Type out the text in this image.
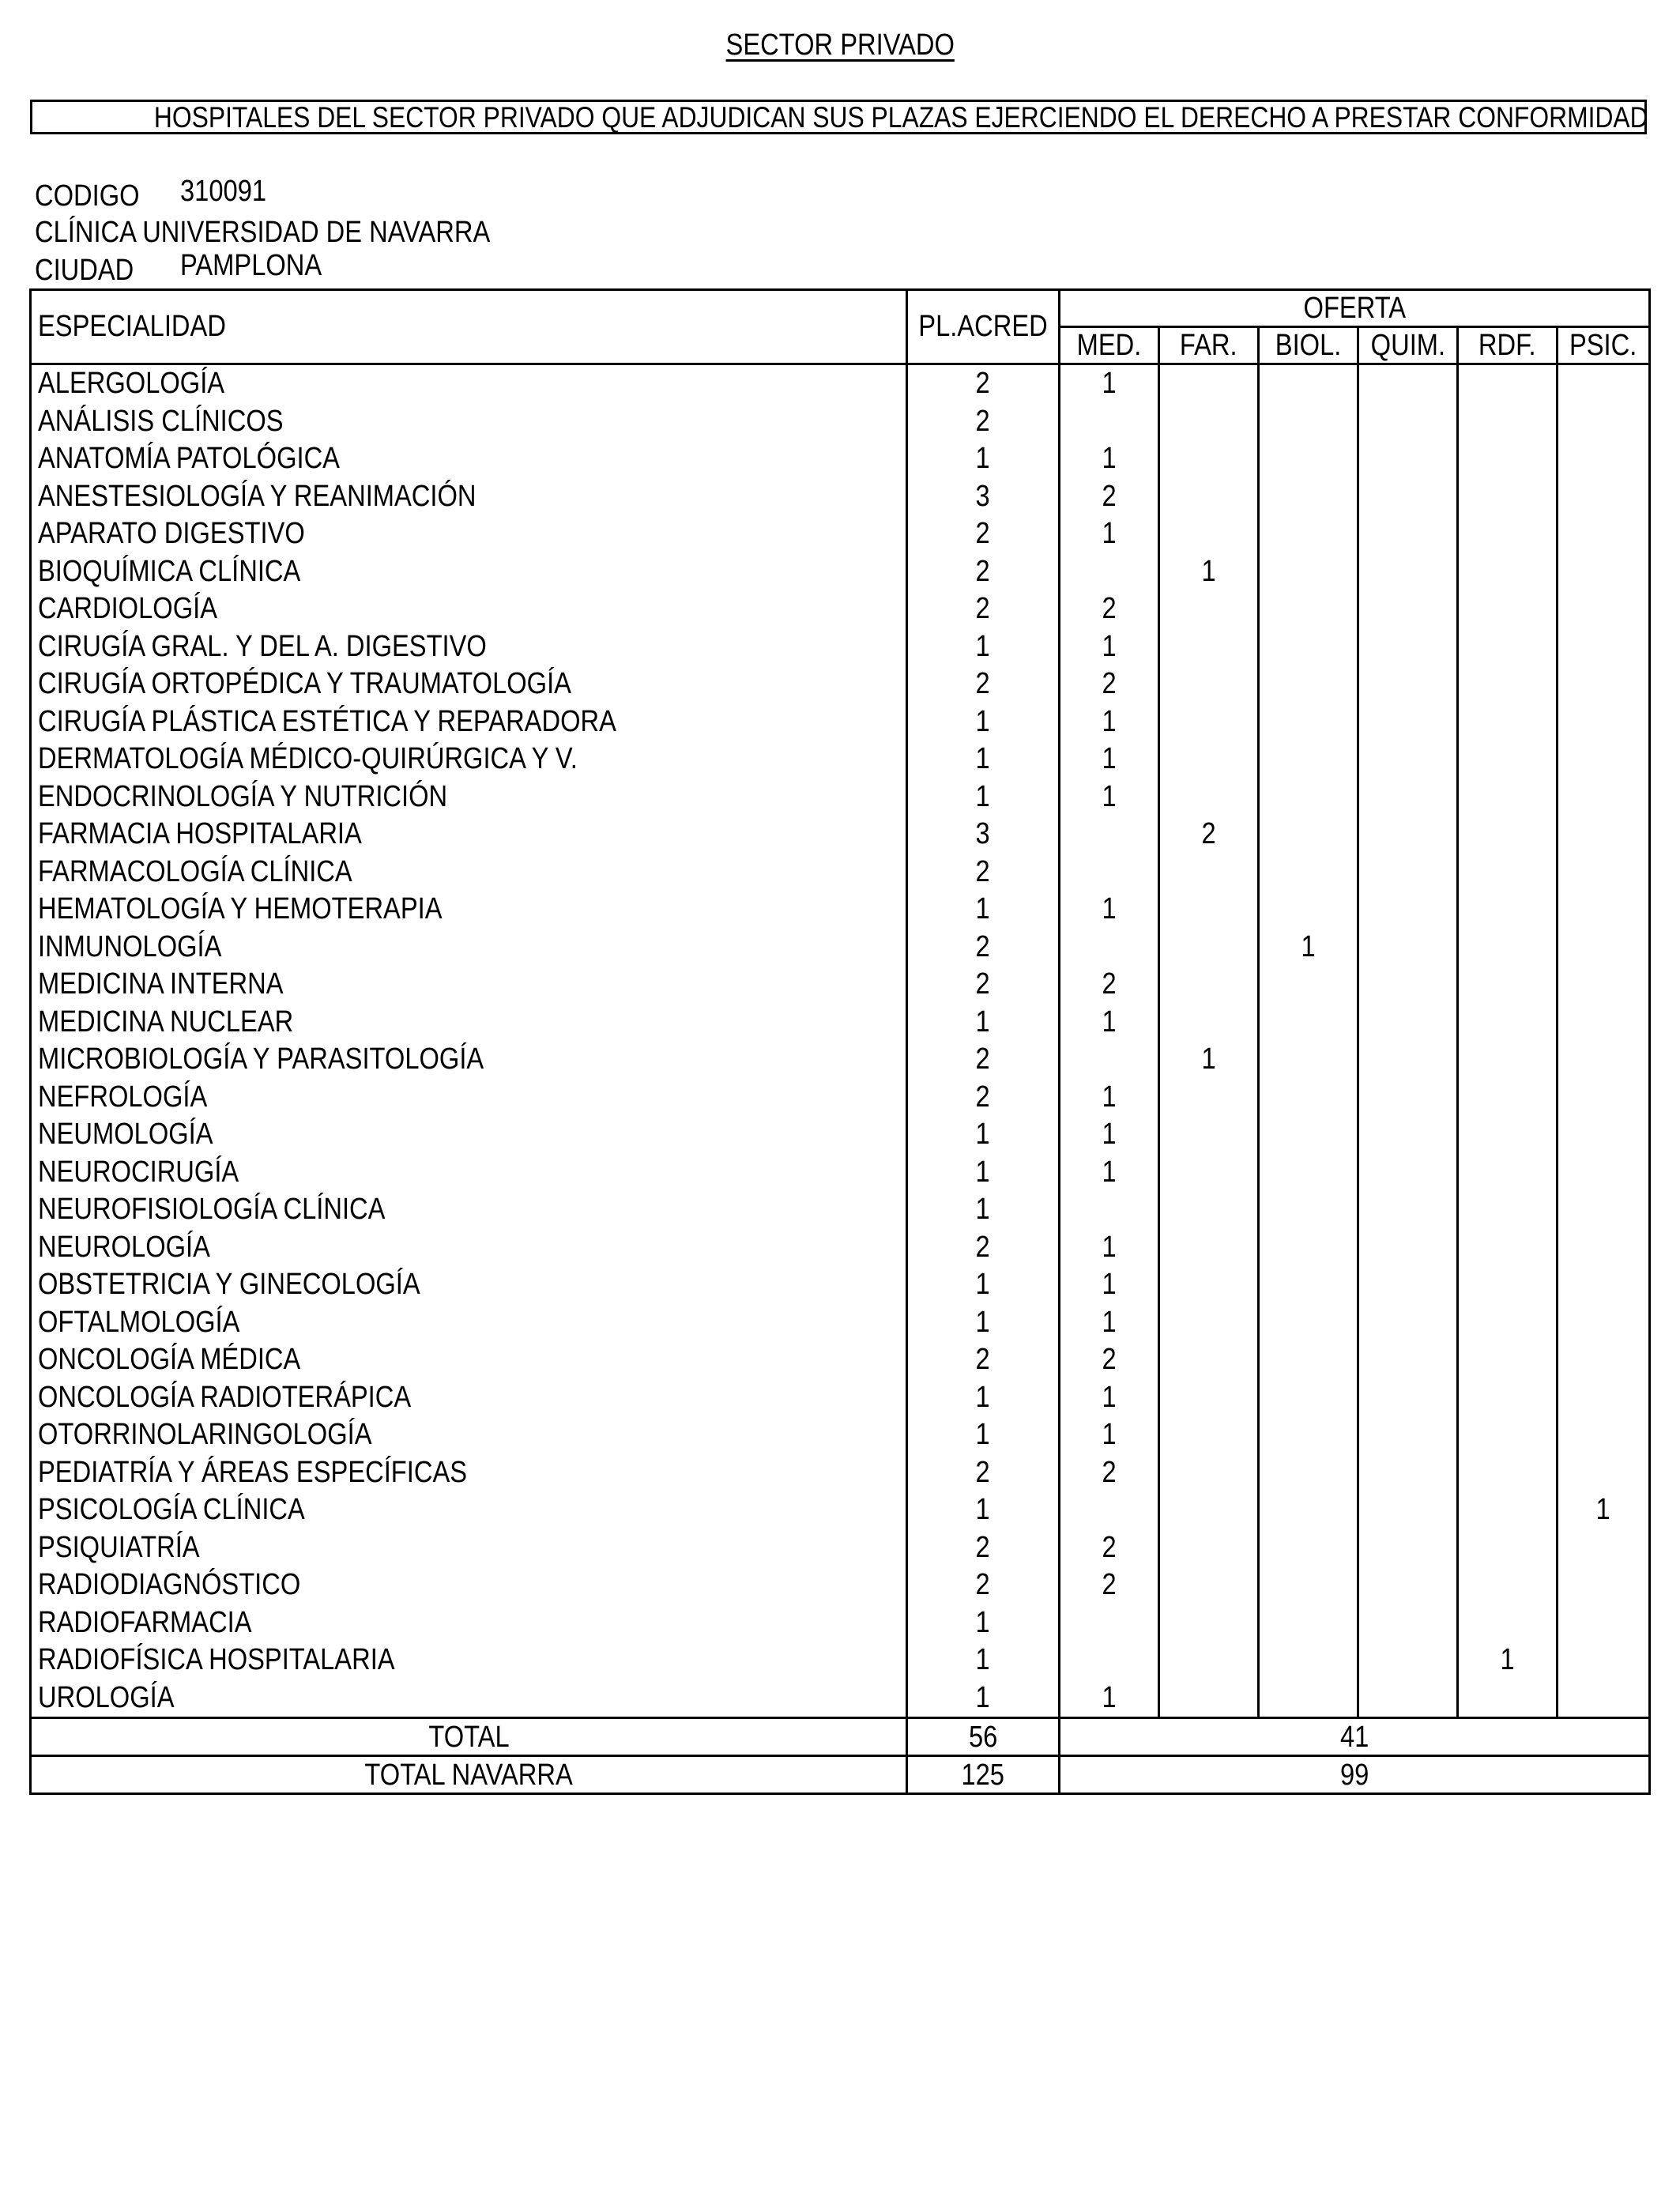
SECTOR PRIVADO
HOSPITALES DEL SECTOR PRIVADO QUE ADJUDICAN SUS PLAZAS EJERCIENDO EL DERECHO A PRESTAR CONFORMIDAD
CODIGO 310091
CLÍNICA UNIVERSIDAD DE NAVARRA
CIUDAD PAMPLONA
ESPECIALIDAD	PL.ACRED	OFERTA					
		MED.	FAR.	BIOL.	QUIM.	RDF.	PSIC.
ALERGOLOGÍA	2	1					
ANÁLISIS CLÍNICOS	2						
ANATOMÍA PATOLÓGICA	1	1					
ANESTESIOLOGÍA Y REANIMACIÓN	3	2					
APARATO DIGESTIVO	2	1					
BIOQUÍMICA CLÍNICA	2		1				
CARDIOLOGÍA	2	2					
CIRUGÍA GRAL. Y DEL A. DIGESTIVO	1	1					
CIRUGÍA ORTOPÉDICA Y TRAUMATOLOGÍA	2	2					
CIRUGÍA PLÁSTICA ESTÉTICA Y REPARADORA	1	1					
DERMATOLOGÍA MÉDICO-QUIRÚRGICA Y V.	1	1					
ENDOCRINOLOGÍA Y NUTRICIÓN	1	1					
FARMACIA HOSPITALARIA	3		2				
FARMACOLOGÍA CLÍNICA	2						
HEMATOLOGÍA Y HEMOTERAPIA	1	1					
INMUNOLOGÍA	2			1			
MEDICINA INTERNA	2	2					
MEDICINA NUCLEAR	1	1					
MICROBIOLOGÍA Y PARASITOLOGÍA	2		1				
NEFROLOGÍA	2	1					
NEUMOLOGÍA	1	1					
NEUROCIRUGÍA	1	1					
NEUROFISIOLOGÍA CLÍNICA	1						
NEUROLOGÍA	2	1					
OBSTETRICIA Y GINECOLOGÍA	1	1					
OFTALMOLOGÍA	1	1					
ONCOLOGÍA MÉDICA	2	2					
ONCOLOGÍA RADIOTERÁPICA	1	1					
OTORRINOLARINGOLOGÍA	1	1					
PEDIATRÍA Y ÁREAS ESPECÍFICAS	2	2					
PSICOLOGÍA CLÍNICA	1						1
PSIQUIATRÍA	2	2					
RADIODIAGNÓSTICO	2	2					
RADIOFARMACIA	1						
RADIOFÍSICA HOSPITALARIA	1					1	
UROLOGÍA	1	1					
TOTAL	56	41					
TOTAL NAVARRA	125	99					
